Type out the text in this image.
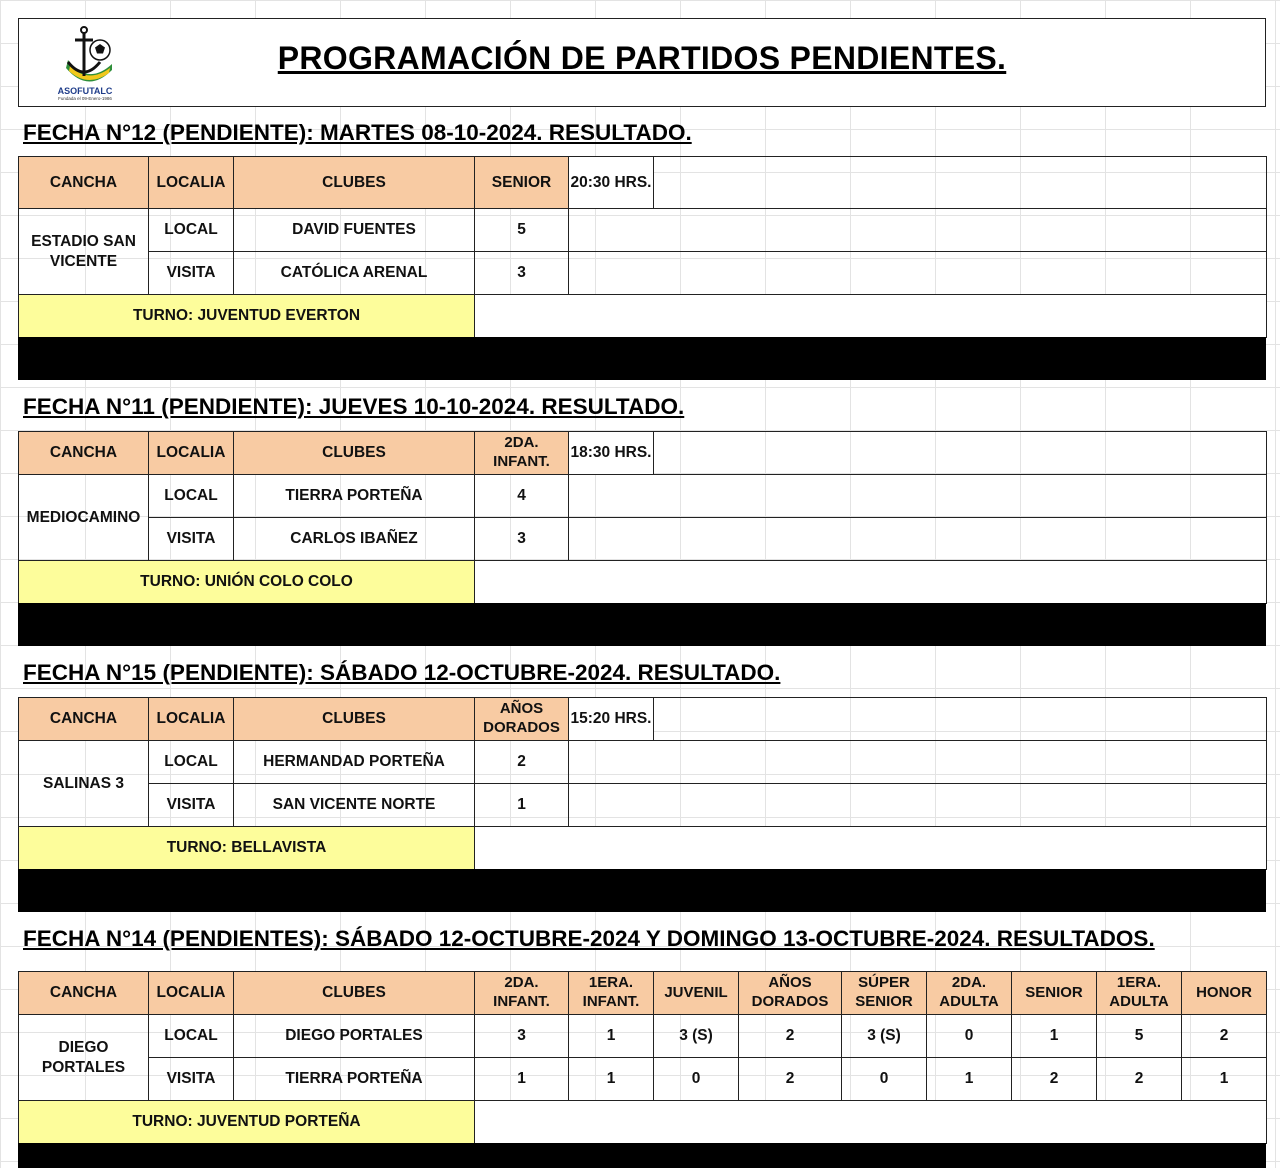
ASOFUTALC
Fundada el 09-Enero-1986
PROGRAMACIÓN DE PARTIDOS PENDIENTES.
FECHA N°12 (PENDIENTE): MARTES 08-10-2024. RESULTADO.
CANCHA	LOCALIA	CLUBES	SENIOR	20:30 HRS.	
ESTADIO SAN VICENTE	LOCAL	DAVID FUENTES	5		
	VISITA	CATÓLICA ARENAL	3		
TURNO: JUVENTUD EVERTON					
FECHA N°11 (PENDIENTE): JUEVES 10-10-2024. RESULTADO.
CANCHA	LOCALIA	CLUBES	2DA. INFANT.	18:30 HRS.	
MEDIOCAMINO	LOCAL	TIERRA PORTEÑA	4		
	VISITA	CARLOS IBAÑEZ	3		
TURNO: UNIÓN COLO COLO					
FECHA N°15 (PENDIENTE): SÁBADO 12-OCTUBRE-2024. RESULTADO.
CANCHA	LOCALIA	CLUBES	AÑOS DORADOS	15:20 HRS.	
SALINAS 3	LOCAL	HERMANDAD PORTEÑA	2		
	VISITA	SAN VICENTE NORTE	1		
TURNO: BELLAVISTA					
FECHA N°14 (PENDIENTES): SÁBADO 12-OCTUBRE-2024 Y DOMINGO 13-OCTUBRE-2024. RESULTADOS.
CANCHA	LOCALIA	CLUBES	2DA. INFANT.	1ERA. INFANT.	JUVENIL	AÑOS DORADOS	SÚPER SENIOR	2DA. ADULTA	SENIOR	1ERA. ADULTA	HONOR
DIEGO PORTALES	LOCAL	DIEGO PORTALES	3	1	3 (S)	2	3 (S)	0	1	5	2
	VISITA	TIERRA PORTEÑA	1	1	0	2	0	1	2	2	1
TURNO: JUVENTUD PORTEÑA											
